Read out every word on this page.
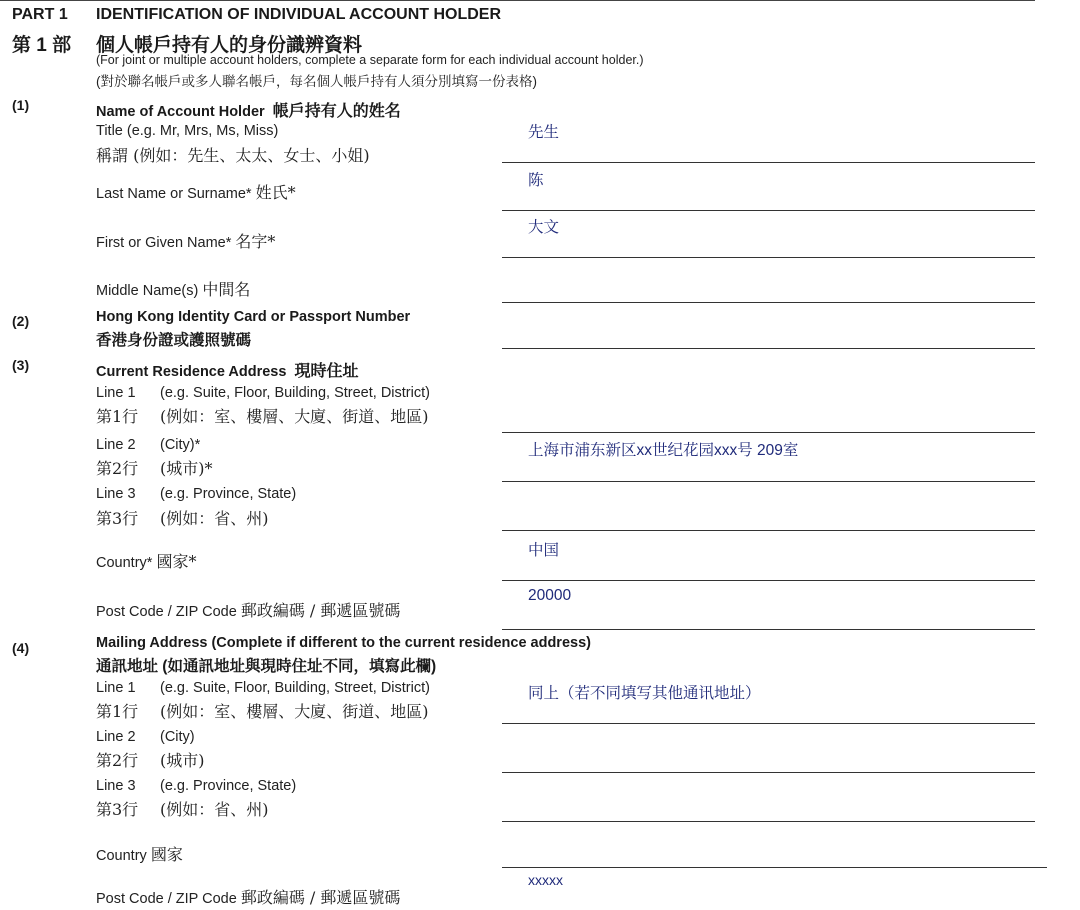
PART 1
第 1 部
IDENTIFICATION OF INDIVIDUAL ACCOUNT HOLDER
個人帳戶持有人的身份識辨資料
(For joint or multiple account holders, complete a separate form for each individual account holder.)
(對於聯名帳戶或多人聯名帳戶，每名個人帳戶持有人須分別填寫一份表格)
(1)	Name of Account Holder 帳戶持有人的姓名
Title (e.g. Mr, Mrs, Ms, Miss)
稱謂 (例如：先生、太太、女士、小姐)
先生
Last Name or Surname* 姓氏*
陈
First or Given Name* 名字*
大文
Middle Name(s) 中間名
(2)	Hong Kong Identity Card or Passport Number
香港身份證或護照號碼
(3)	Current Residence Address 現時住址
Line 1 (e.g. Suite, Floor, Building, Street, District)
第1行 (例如：室、樓層、大廈、街道、地區)
Line 2 (City)*
第2行 (城市)*
上海市浦东新区xx世纪花园xxx号 209室
Line 3 (e.g. Province, State)
第3行 (例如：省、州)
Country* 國家*
中国
Post Code / ZIP Code 郵政編碼 / 郵遞區號碼
20000
(4)	Mailing Address (Complete if different to the current residence address)
通訊地址 (如通訊地址與現時住址不同，填寫此欄)
Line 1 (e.g. Suite, Floor, Building, Street, District)
第1行 (例如：室、樓層、大廈、街道、地區)
同上（若不同填写其他通讯地址）
Line 2 (City)
第2行 (城市)
Line 3 (e.g. Province, State)
第3行 (例如：省、州)
Country 國家
Post Code / ZIP Code 郵政編碼 / 郵遞區號碼
xxxxx
